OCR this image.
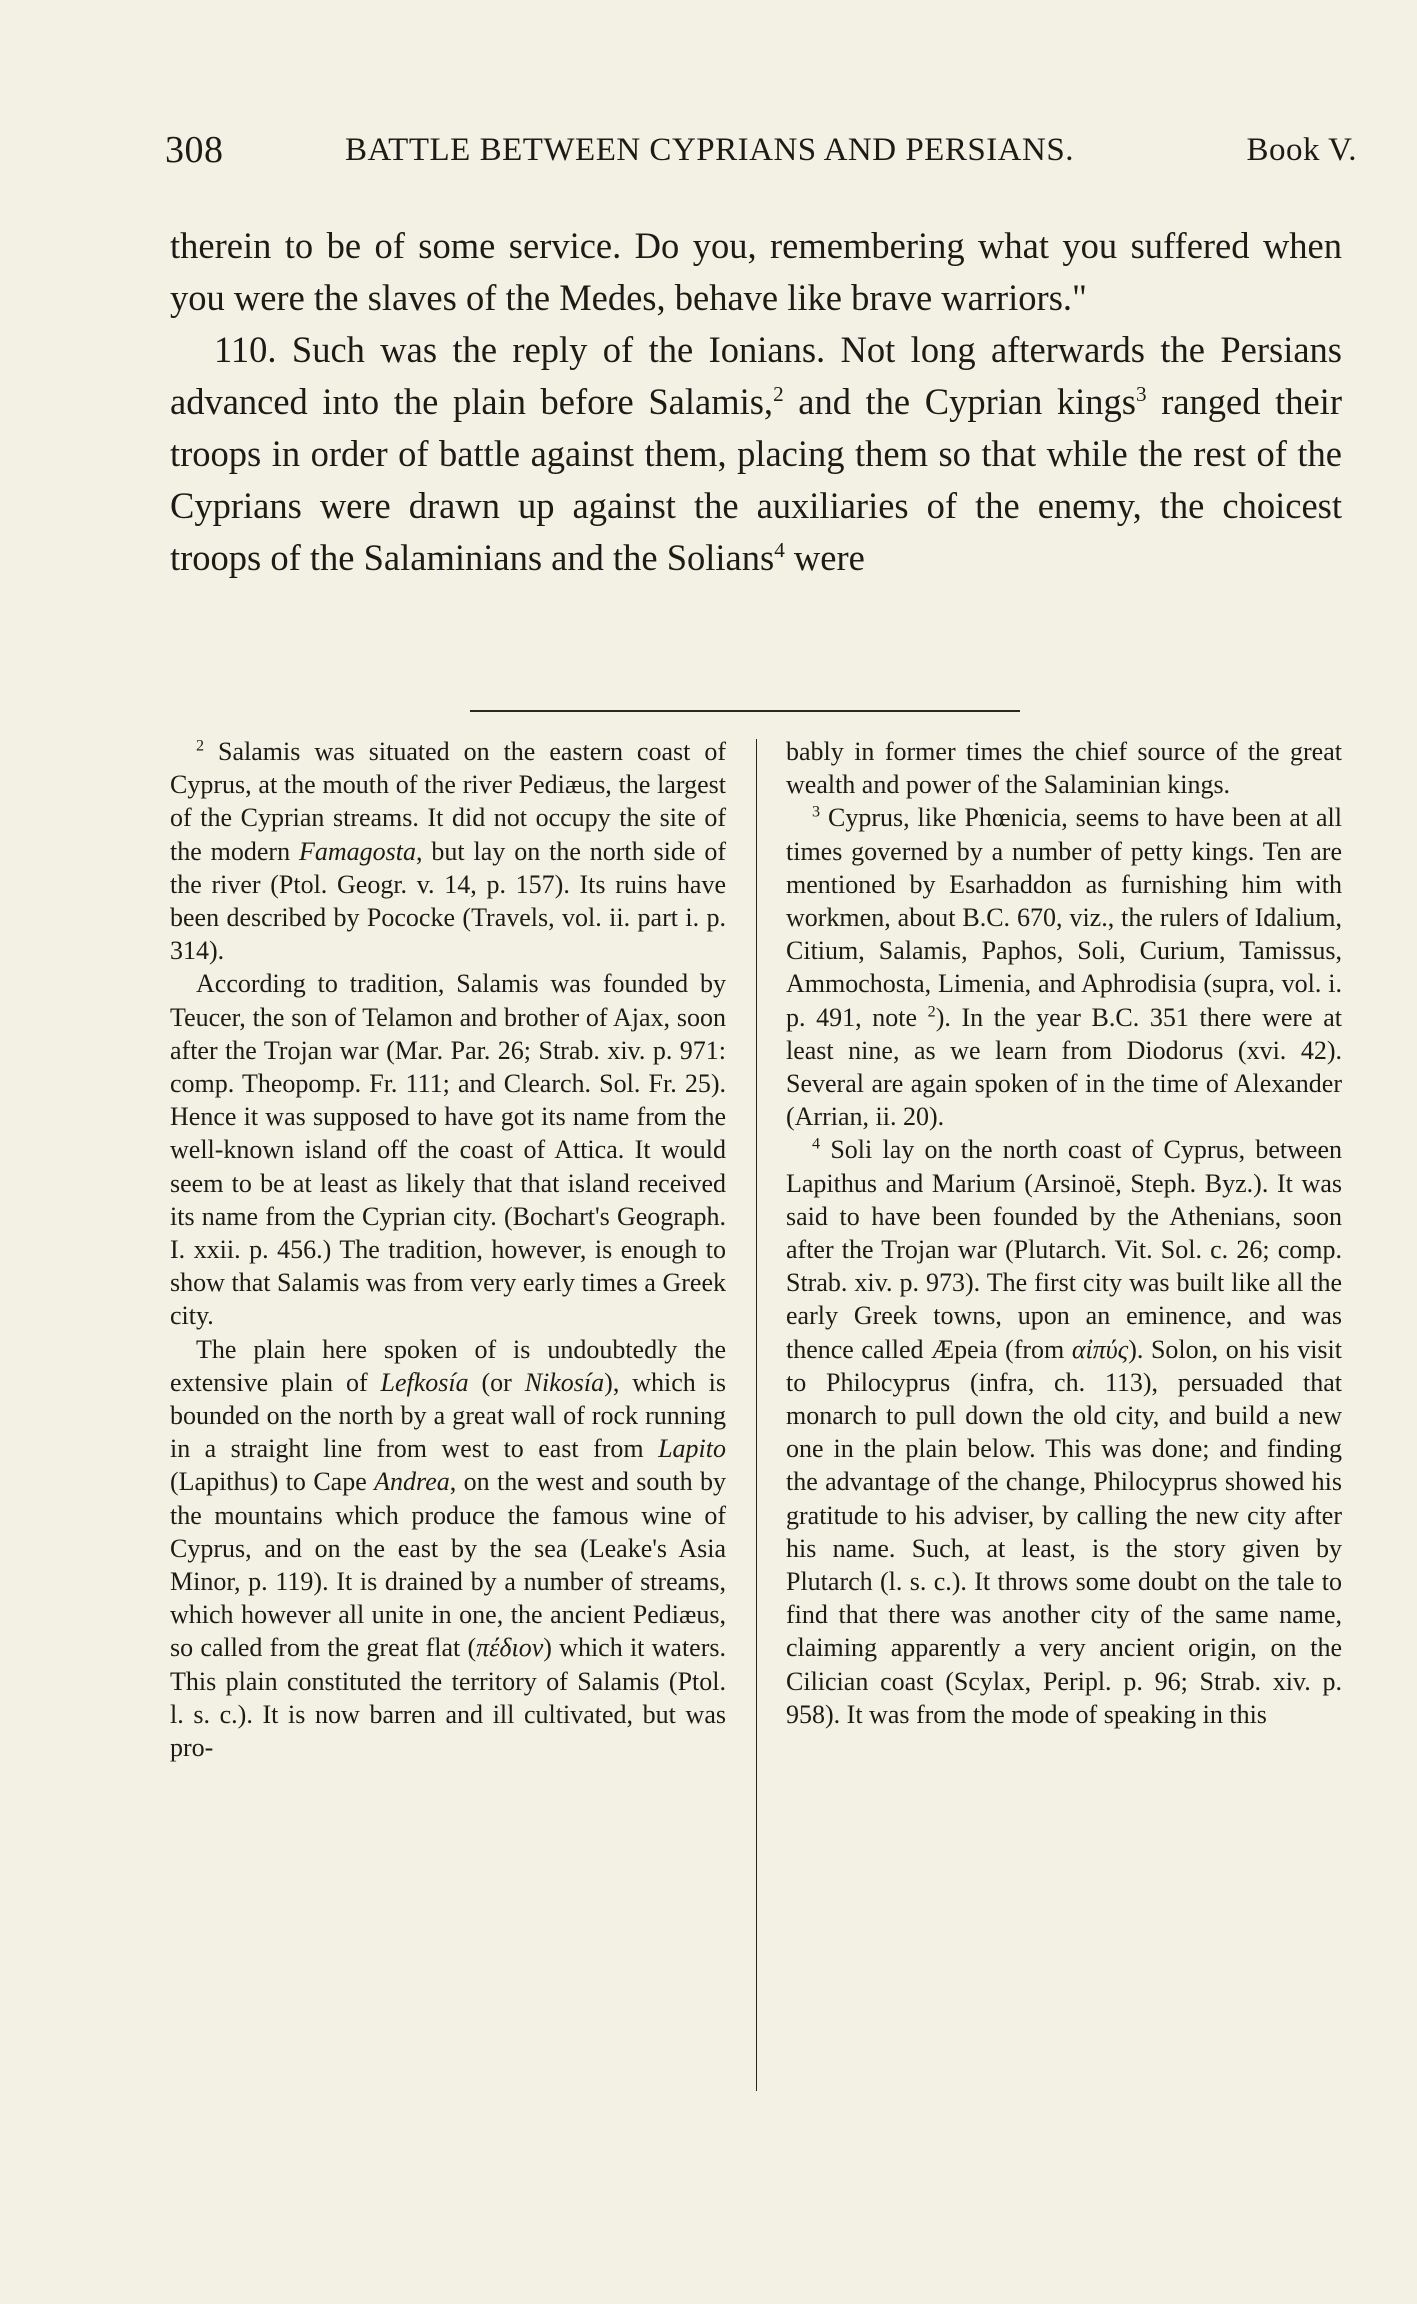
308	BATTLE BETWEEN CYPRIANS AND PERSIANS.	Book V.

therein to be of some service. Do you, remembering what you suffered when you were the slaves of the Medes, behave like brave warriors."

110. Such was the reply of the Ionians. Not long afterwards the Persians advanced into the plain before Salamis,$^2$ and the Cyprian kings$^3$ ranged their troops in order of battle against them, placing them so that while the rest of the Cyprians were drawn up against the auxiliaries of the enemy, the choicest troops of the Salaminians and the Solians$^4$ were

$^2$ Salamis was situated on the eastern coast of Cyprus, at the mouth of the river Pediæus, the largest of the Cyprian streams. It did not occupy the site of the modern Famagosta, but lay on the north side of the river (Ptol. Geogr. v. 14, p. 157). Its ruins have been described by Pococke (Travels, vol. ii. part i. p. 314).

According to tradition, Salamis was founded by Teucer, the son of Telamon and brother of Ajax, soon after the Trojan war (Mar. Par. 26; Strab. xiv. p. 971: comp. Theopomp. Fr. 111; and Clearch. Sol. Fr. 25). Hence it was supposed to have got its name from the well-known island off the coast of Attica. It would seem to be at least as likely that that island received its name from the Cyprian city. (Bochart's Geograph. I. xxii. p. 456.) The tradition, however, is enough to show that Salamis was from very early times a Greek city.

The plain here spoken of is undoubtedly the extensive plain of Lefkosía (or Nikosía), which is bounded on the north by a great wall of rock running in a straight line from west to east from Lapito (Lapithus) to Cape Andrea, on the west and south by the mountains which produce the famous wine of Cyprus, and on the east by the sea (Leake's Asia Minor, p. 119). It is drained by a number of streams, which however all unite in one, the ancient Pediæus, so called from the great flat (πέδιον) which it waters. This plain constituted the territory of Salamis (Ptol. l. s. c.). It is now barren and ill cultivated, but was pro-

bably in former times the chief source of the great wealth and power of the Salaminian kings.

$^3$ Cyprus, like Phœnicia, seems to have been at all times governed by a number of petty kings. Ten are mentioned by Esarhaddon as furnishing him with workmen, about B.C. 670, viz., the rulers of Idalium, Citium, Salamis, Paphos, Soli, Curium, Tamissus, Ammochosta, Limenia, and Aphrodisia (supra, vol. i. p. 491, note $^2$). In the year B.C. 351 there were at least nine, as we learn from Diodorus (xvi. 42). Several are again spoken of in the time of Alexander (Arrian, ii. 20).

$^4$ Soli lay on the north coast of Cyprus, between Lapithus and Marium (Arsinoë, Steph. Byz.). It was said to have been founded by the Athenians, soon after the Trojan war (Plutarch. Vit. Sol. c. 26; comp. Strab. xiv. p. 973). The first city was built like all the early Greek towns, upon an eminence, and was thence called Æpeia (from αἰπύς). Solon, on his visit to Philocyprus (infra, ch. 113), persuaded that monarch to pull down the old city, and build a new one in the plain below. This was done; and finding the advantage of the change, Philocyprus showed his gratitude to his adviser, by calling the new city after his name. Such, at least, is the story given by Plutarch (l. s. c.). It throws some doubt on the tale to find that there was another city of the same name, claiming apparently a very ancient origin, on the Cilician coast (Scylax, Peripl. p. 96; Strab. xiv. p. 958). It was from the mode of speaking in this
